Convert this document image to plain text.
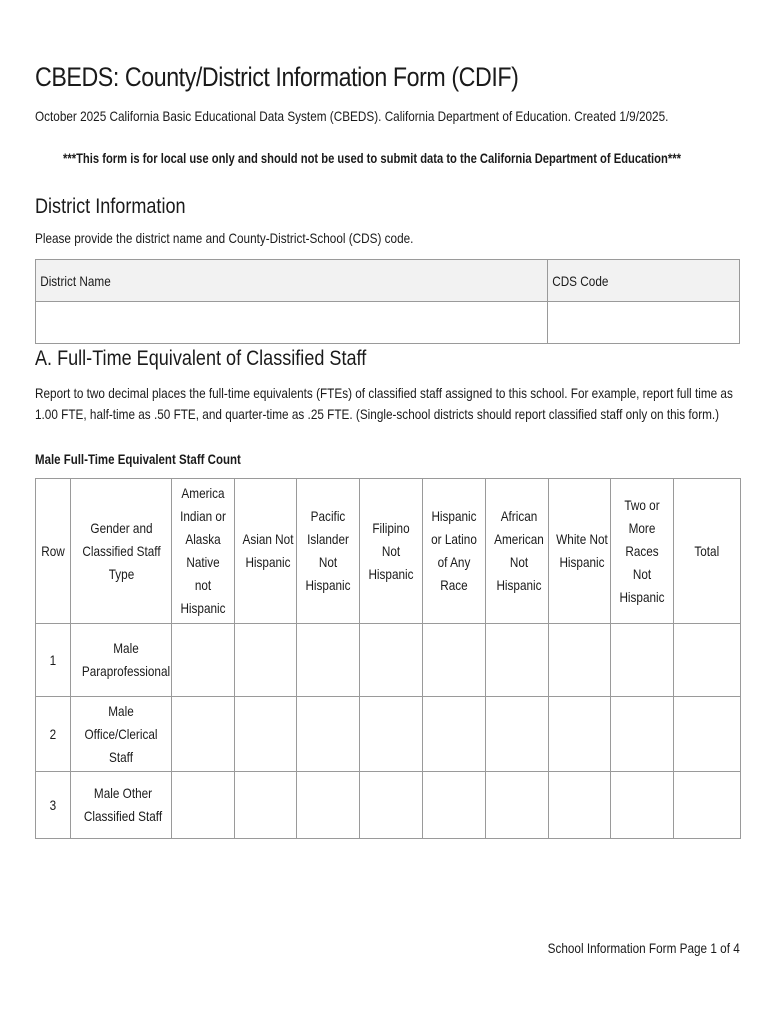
CBEDS: County/District Information Form (CDIF)
October 2025 California Basic Educational Data System (CBEDS). California Department of Education. Created 1/9/2025.
***This form is for local use only and should not be used to submit data to the California Department of Education***
District Information
Please provide the district name and County-District-School (CDS) code.
District Name	CDS Code

A. Full-Time Equivalent of Classified Staff
Report to two decimal places the full-time equivalents (FTEs) of classified staff assigned to this school. For example, report full time as 1.00 FTE, half-time as .50 FTE, and quarter-time as .25 FTE. (Single-school districts should report classified staff only on this form.)
Male Full-Time Equivalent Staff Count
Row	Gender and Classified Staff Type	America Indian or Alaska Native not Hispanic	Asian Not Hispanic	Pacific Islander Not Hispanic	Filipino Not Hispanic	Hispanic or Latino of Any Race	African American Not Hispanic	White Not Hispanic	Two or More Races Not Hispanic	Total
1	Male Paraprofessional									
2	Male Office/Clerical Staff									
3	Male Other Classified Staff									
School Information Form Page 1 of 4
